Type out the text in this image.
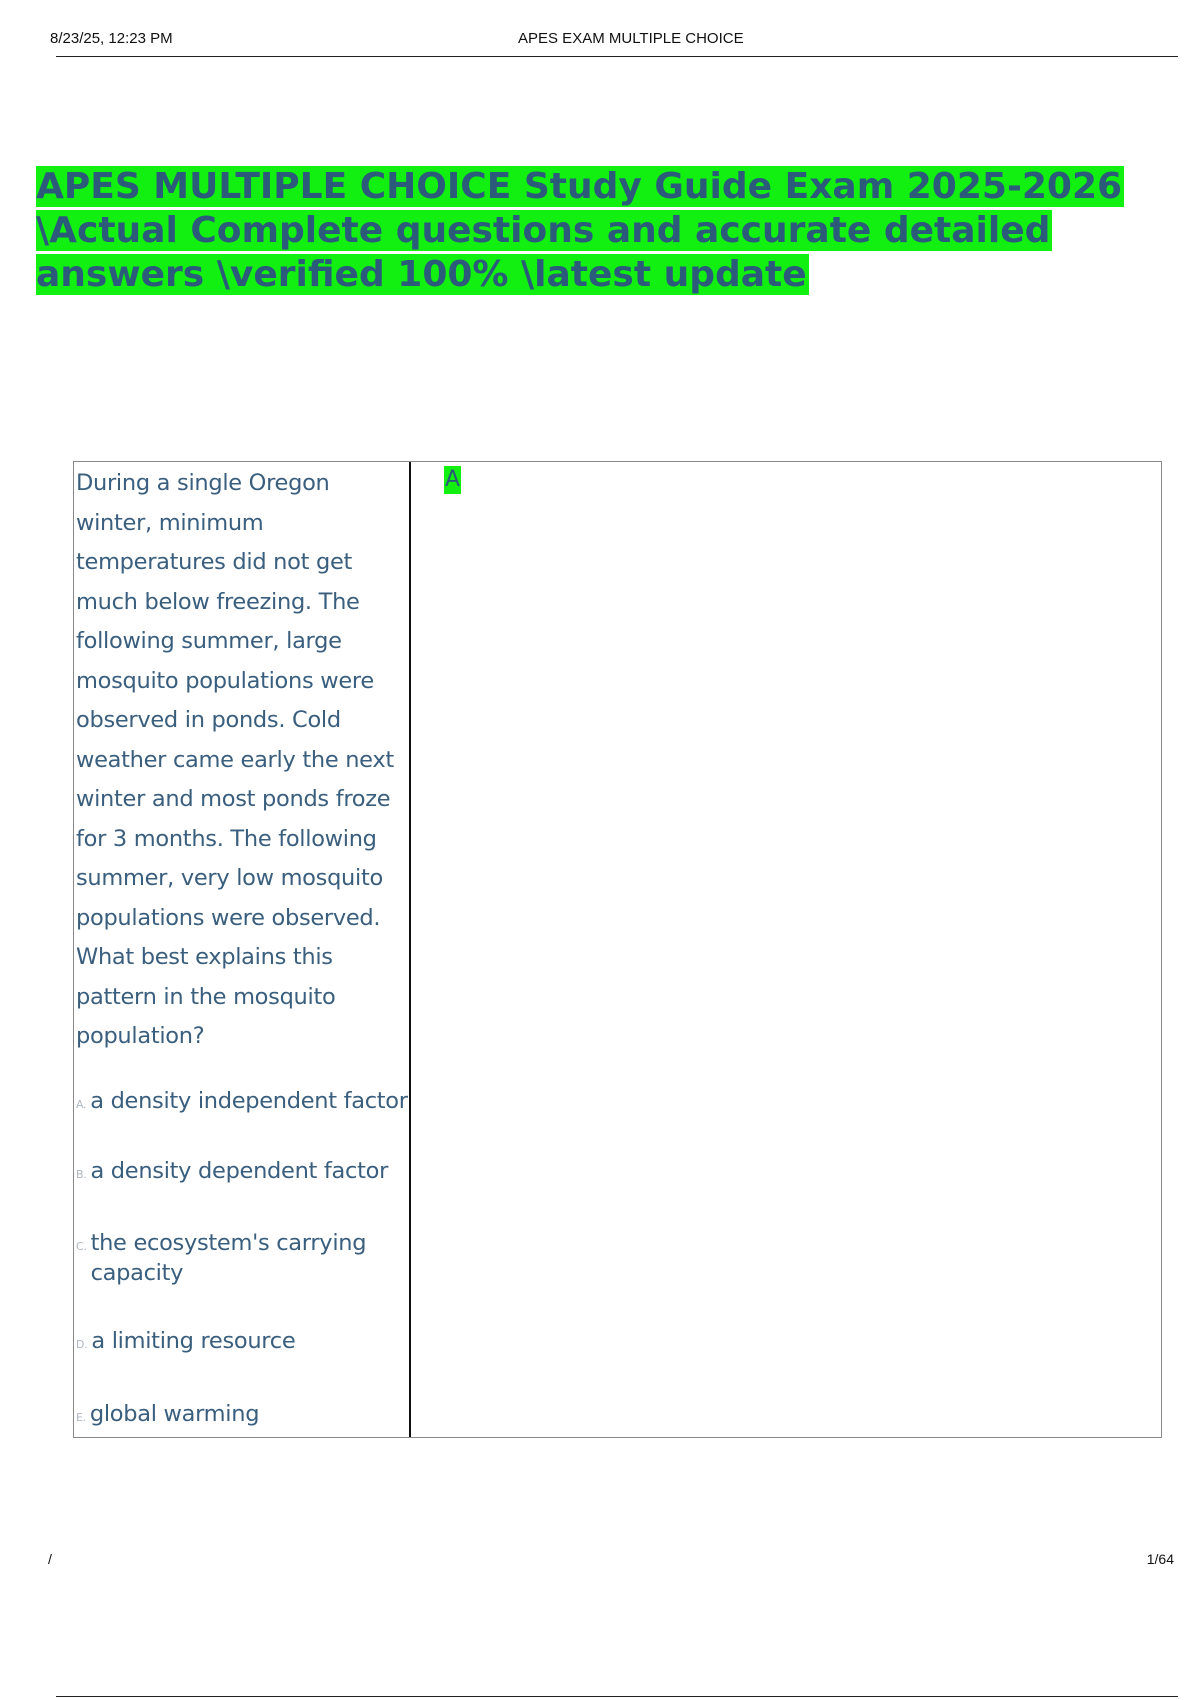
8/23/25, 12:23 PM	APES EXAM MULTIPLE CHOICE
APES MULTIPLE CHOICE Study Guide Exam 2025-2026
\Actual Complete questions and accurate detailed
answers \verified 100% \latest update
During a single Oregon winter, minimum temperatures did not get much below freezing. The following summer, large mosquito populations were observed in ponds. Cold weather came early the next winter and most ponds froze for 3 months. The following summer, very low mosquito populations were observed. What best explains this pattern in the mosquito population?
A. a density independent factor
B. a density dependent factor
C. the ecosystem's carrying capacity
D. a limiting resource
E. global warming
A
/	1/64
